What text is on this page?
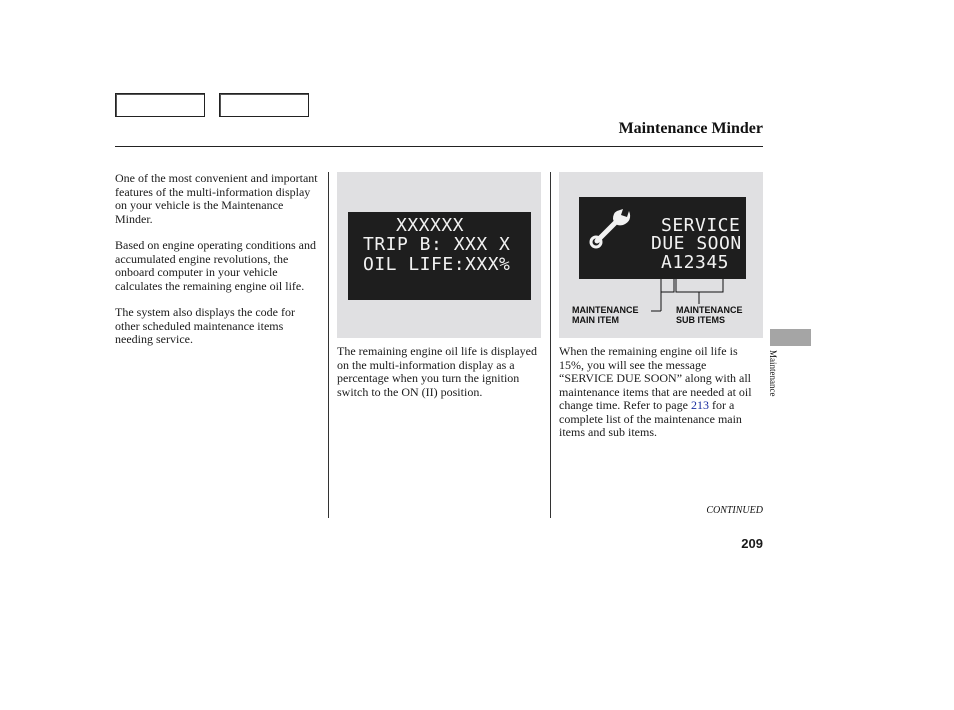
Maintenance Minder

One of the most convenient and important features of the multi-information display on your vehicle is the Maintenance Minder.

Based on engine operating conditions and accumulated engine revolutions, the onboard computer in your vehicle calculates the remaining engine oil life.

The system also displays the code for other scheduled maintenance items needing service.

XXXXXX
TRIP B: XXX X
OIL LIFE:XXX%
SERVICE
DUE SOON
A12345
MAINTENANCE
MAIN ITEM
MAINTENANCE
SUB ITEMS

The remaining engine oil life is displayed on the multi-information display as a percentage when you turn the ignition switch to the ON (II) position.

When the remaining engine oil life is 15%, you will see the message “SERVICE DUE SOON” along with all maintenance items that are needed at oil change time. Refer to page 213 for a complete list of the maintenance main items and sub items.

CONTINUED
209
Maintenance
